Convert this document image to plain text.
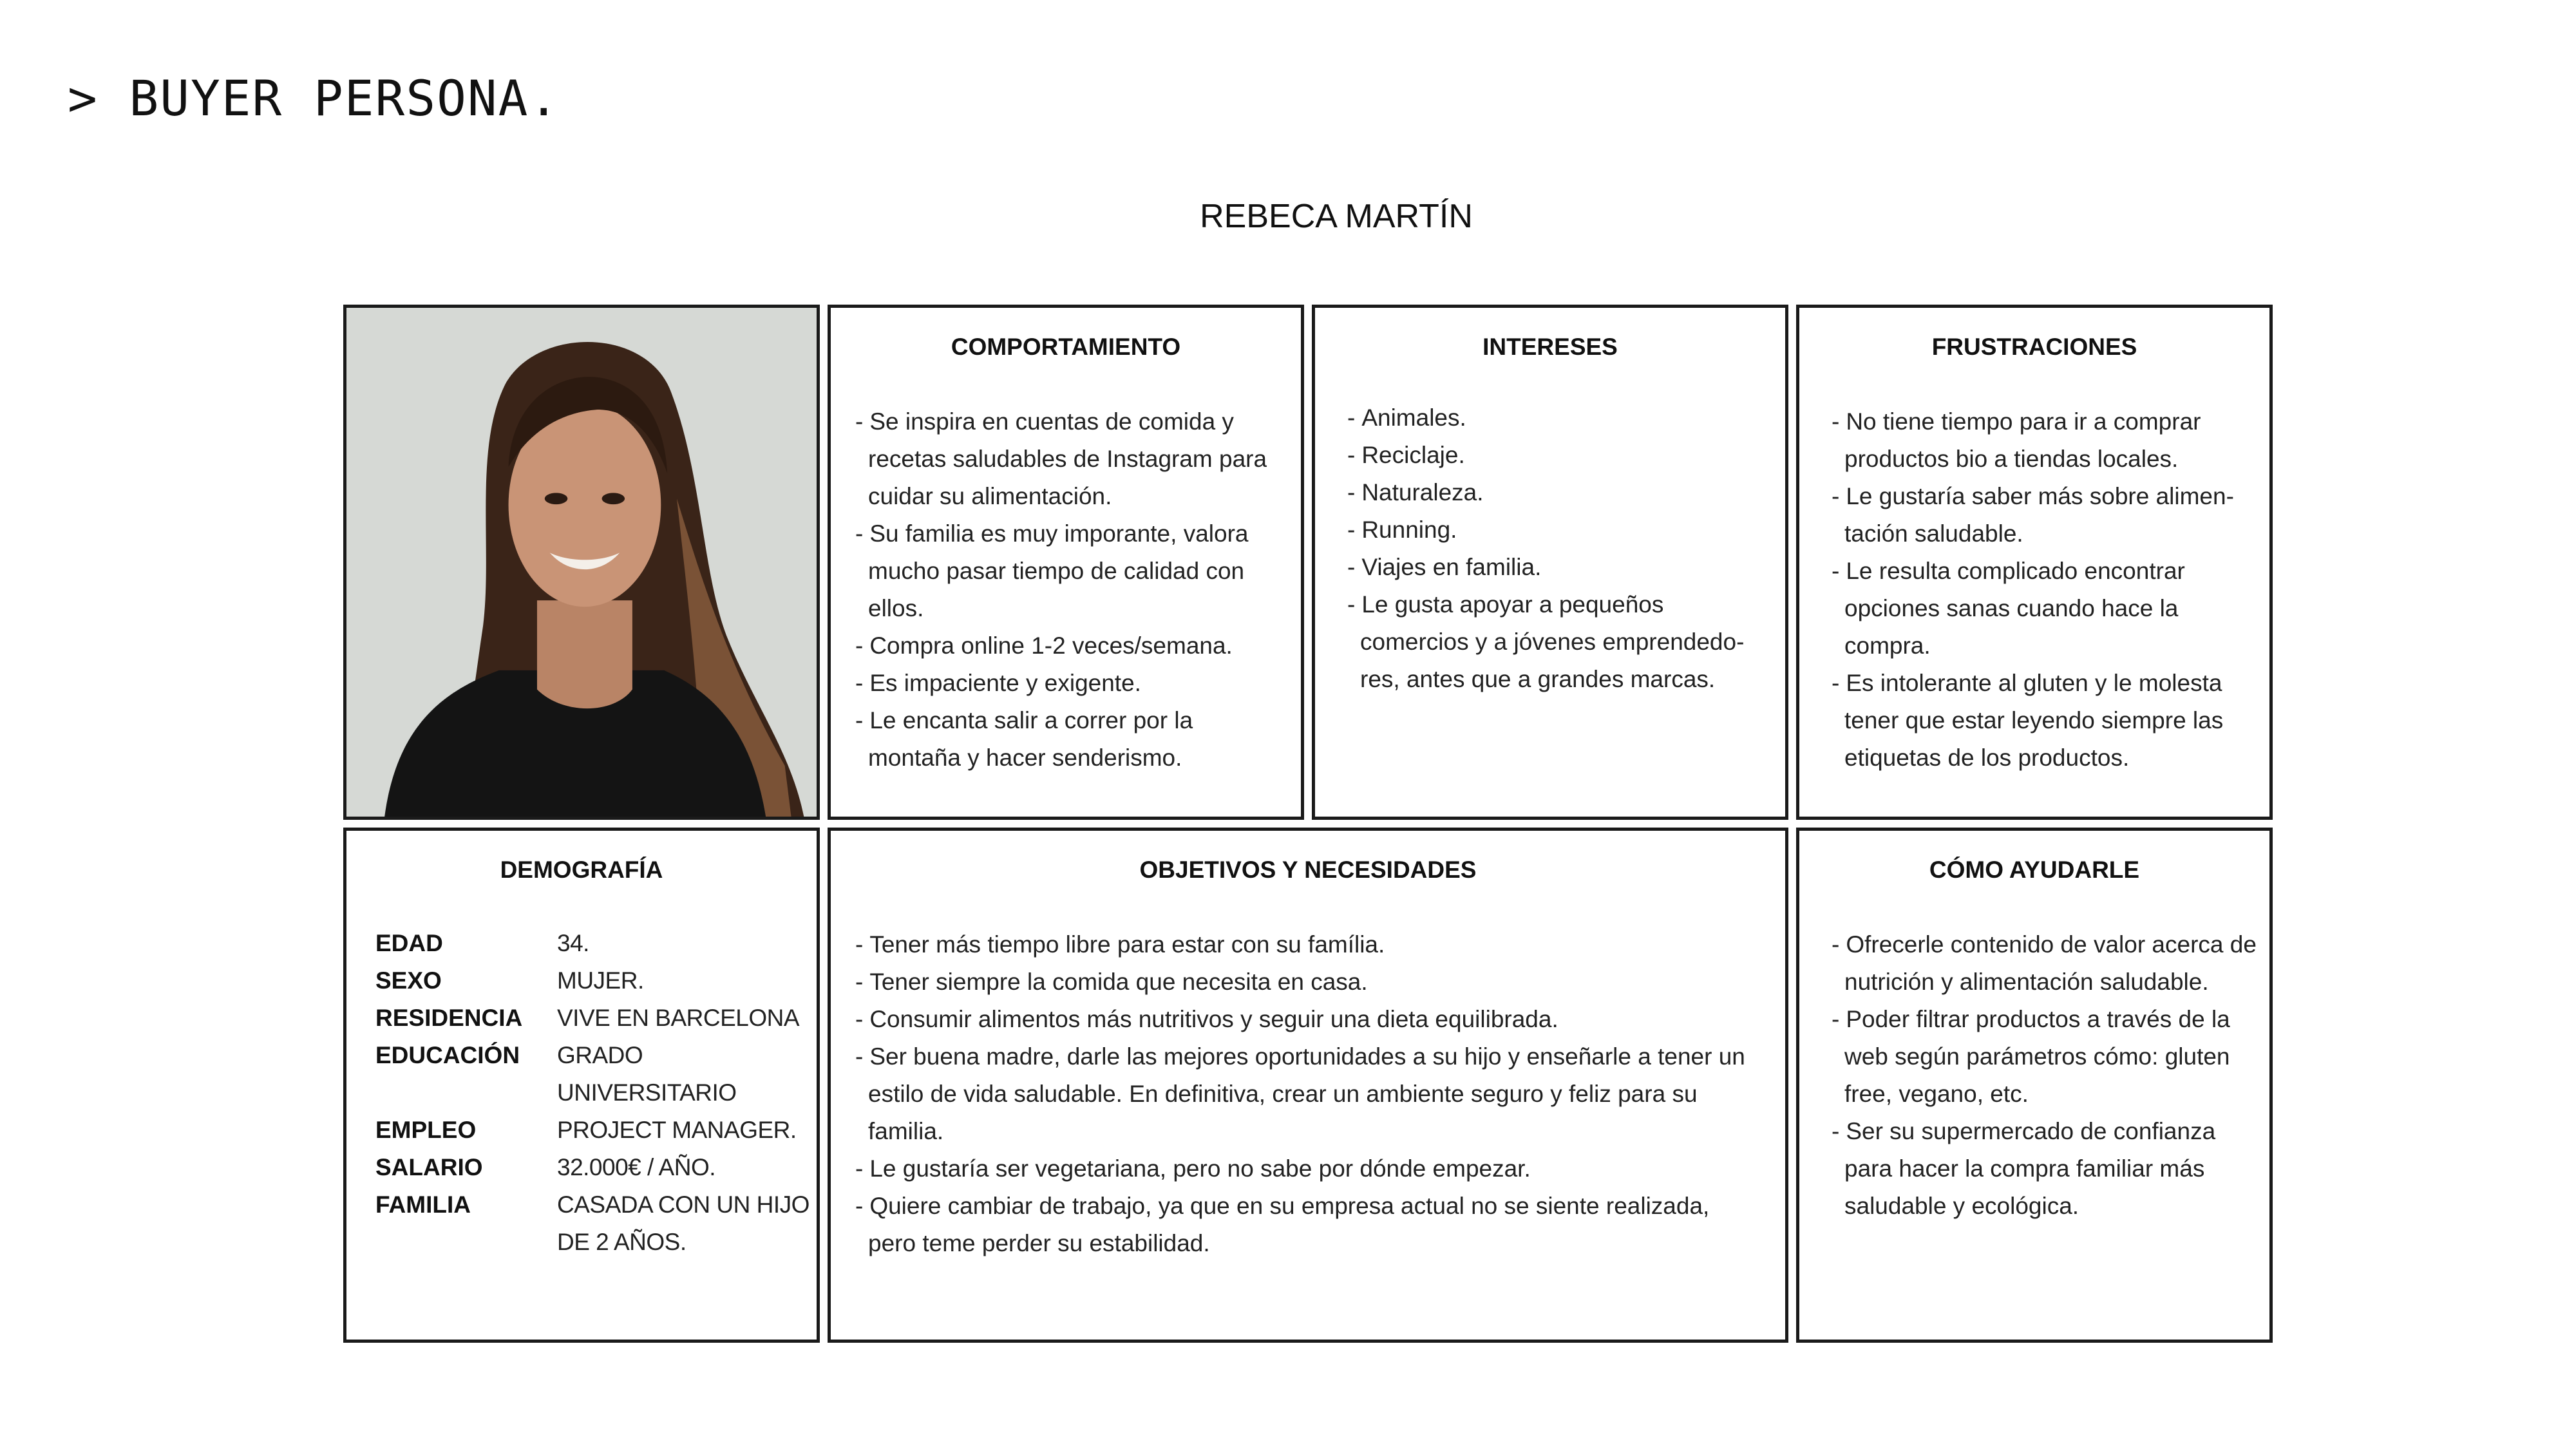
> BUYER PERSONA.
REBECA MARTÍN
COMPORTAMIENTO
- Se inspira en cuentas de comida y recetas saludables de Instagram para cuidar su alimentación.
- Su familia es muy imporante, valora mucho pasar tiempo de calidad con ellos.
- Compra online 1-2 veces/semana.
- Es impaciente y exigente.
- Le encanta salir a correr por la montaña y hacer senderismo.
INTERESES
- Animales.
- Reciclaje.
- Naturaleza.
- Running.
- Viajes en familia.
- Le gusta apoyar a pequeños comercios y a jóvenes emprendedo-res, antes que a grandes marcas.
FRUSTRACIONES
- No tiene tiempo para ir a comprar productos bio a tiendas locales.
- Le gustaría saber más sobre alimen-tación saludable.
- Le resulta complicado encontrar opciones sanas cuando hace la compra.
- Es intolerante al gluten y le molesta tener que estar leyendo siempre las etiquetas de los productos.
DEMOGRAFÍA
EDAD	34.
SEXO	MUJER.
RESIDENCIA	VIVE EN BARCELONA
EDUCACIÓN	GRADO UNIVERSITARIO
EMPLEO	PROJECT MANAGER.
SALARIO	32.000€ / AÑO.
FAMILIA	CASADA CON UN HIJO DE 2 AÑOS.
OBJETIVOS Y NECESIDADES
- Tener más tiempo libre para estar con su família.
- Tener siempre la comida que necesita en casa.
- Consumir alimentos más nutritivos y seguir una dieta equilibrada.
- Ser buena madre, darle las mejores oportunidades a su hijo y enseñarle a tener un estilo de vida saludable. En definitiva, crear un ambiente seguro y feliz para su familia.
- Le gustaría ser vegetariana, pero no sabe por dónde empezar.
- Quiere cambiar de trabajo, ya que en su empresa actual no se siente realizada, pero teme perder su estabilidad.
CÓMO AYUDARLE
- Ofrecerle contenido de valor acerca de nutrición y alimentación saludable.
- Poder filtrar productos a través de la web según parámetros cómo: gluten free, vegano, etc.
- Ser su supermercado de confianza para hacer la compra familiar más saludable y ecológica.
